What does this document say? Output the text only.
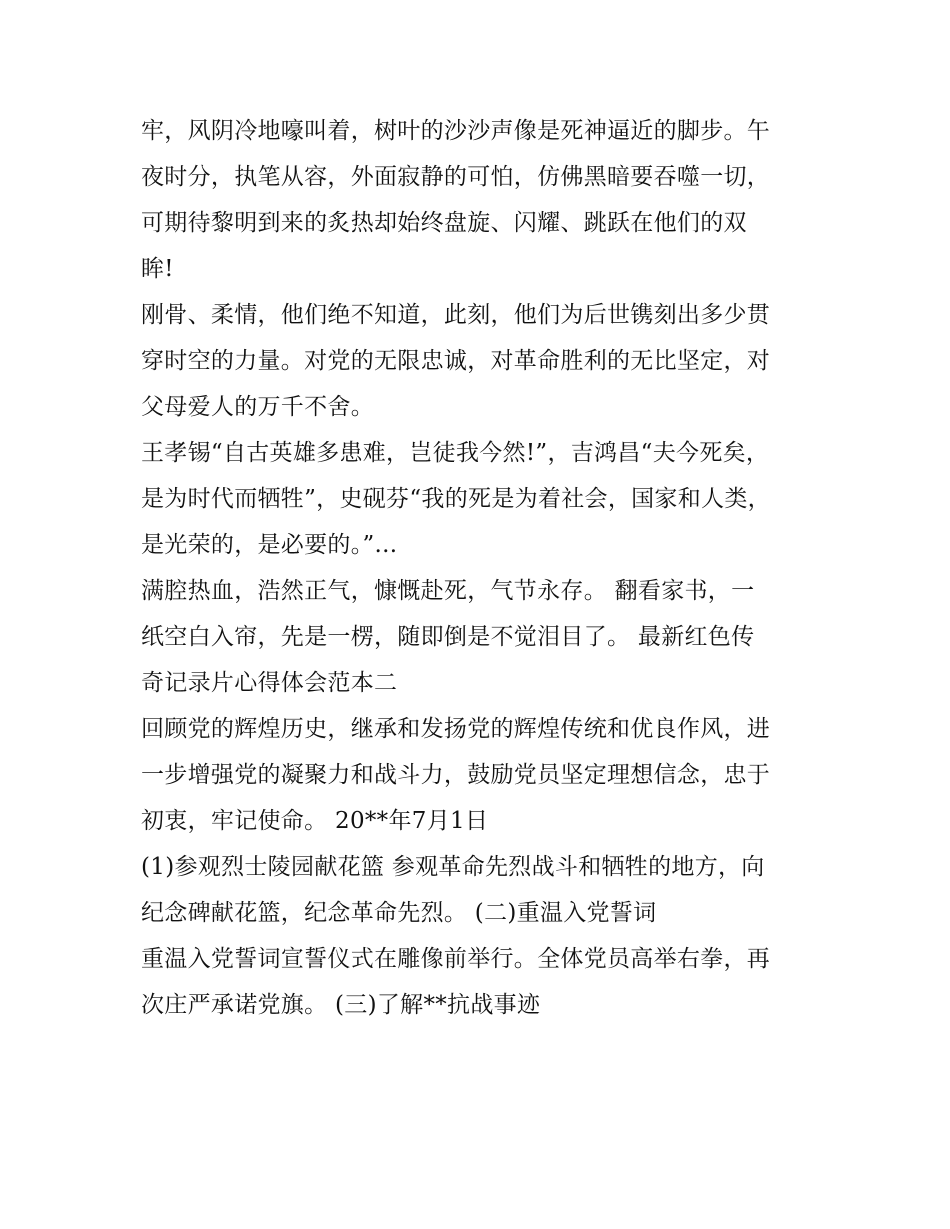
牢，风阴冷地嚎叫着，树叶的沙沙声像是死神逼近的脚步。午

夜时分，执笔从容，外面寂静的可怕，仿佛黑暗要吞噬一切，

可期待黎明到来的炙热却始终盘旋、闪耀、跳跃在他们的双

眸!

刚骨、柔情，他们绝不知道，此刻，他们为后世镌刻出多少贯

穿时空的力量。对党的无限忠诚，对革命胜利的无比坚定，对

父母爱人的万千不舍。

王孝锡“自古英雄多患难，岂徒我今然!”，吉鸿昌“夫今死矣，

是为时代而牺牲”，史砚芬“我的死是为着社会，国家和人类，

是光荣的，是必要的。”...

满腔热血，浩然正气，慷慨赴死，气节永存。 翻看家书，一

纸空白入帘，先是一楞，随即倒是不觉泪目了。 最新红色传

奇记录片心得体会范本二

回顾党的辉煌历史，继承和发扬党的辉煌传统和优良作风，进

一步增强党的凝聚力和战斗力，鼓励党员坚定理想信念，忠于

初衷，牢记使命。 20**年7月1日

(1)参观烈士陵园献花篮 参观革命先烈战斗和牺牲的地方，向

纪念碑献花篮，纪念革命先烈。 (二)重温入党誓词

重温入党誓词宣誓仪式在雕像前举行。全体党员高举右拳，再

次庄严承诺党旗。 (三)了解**抗战事迹
